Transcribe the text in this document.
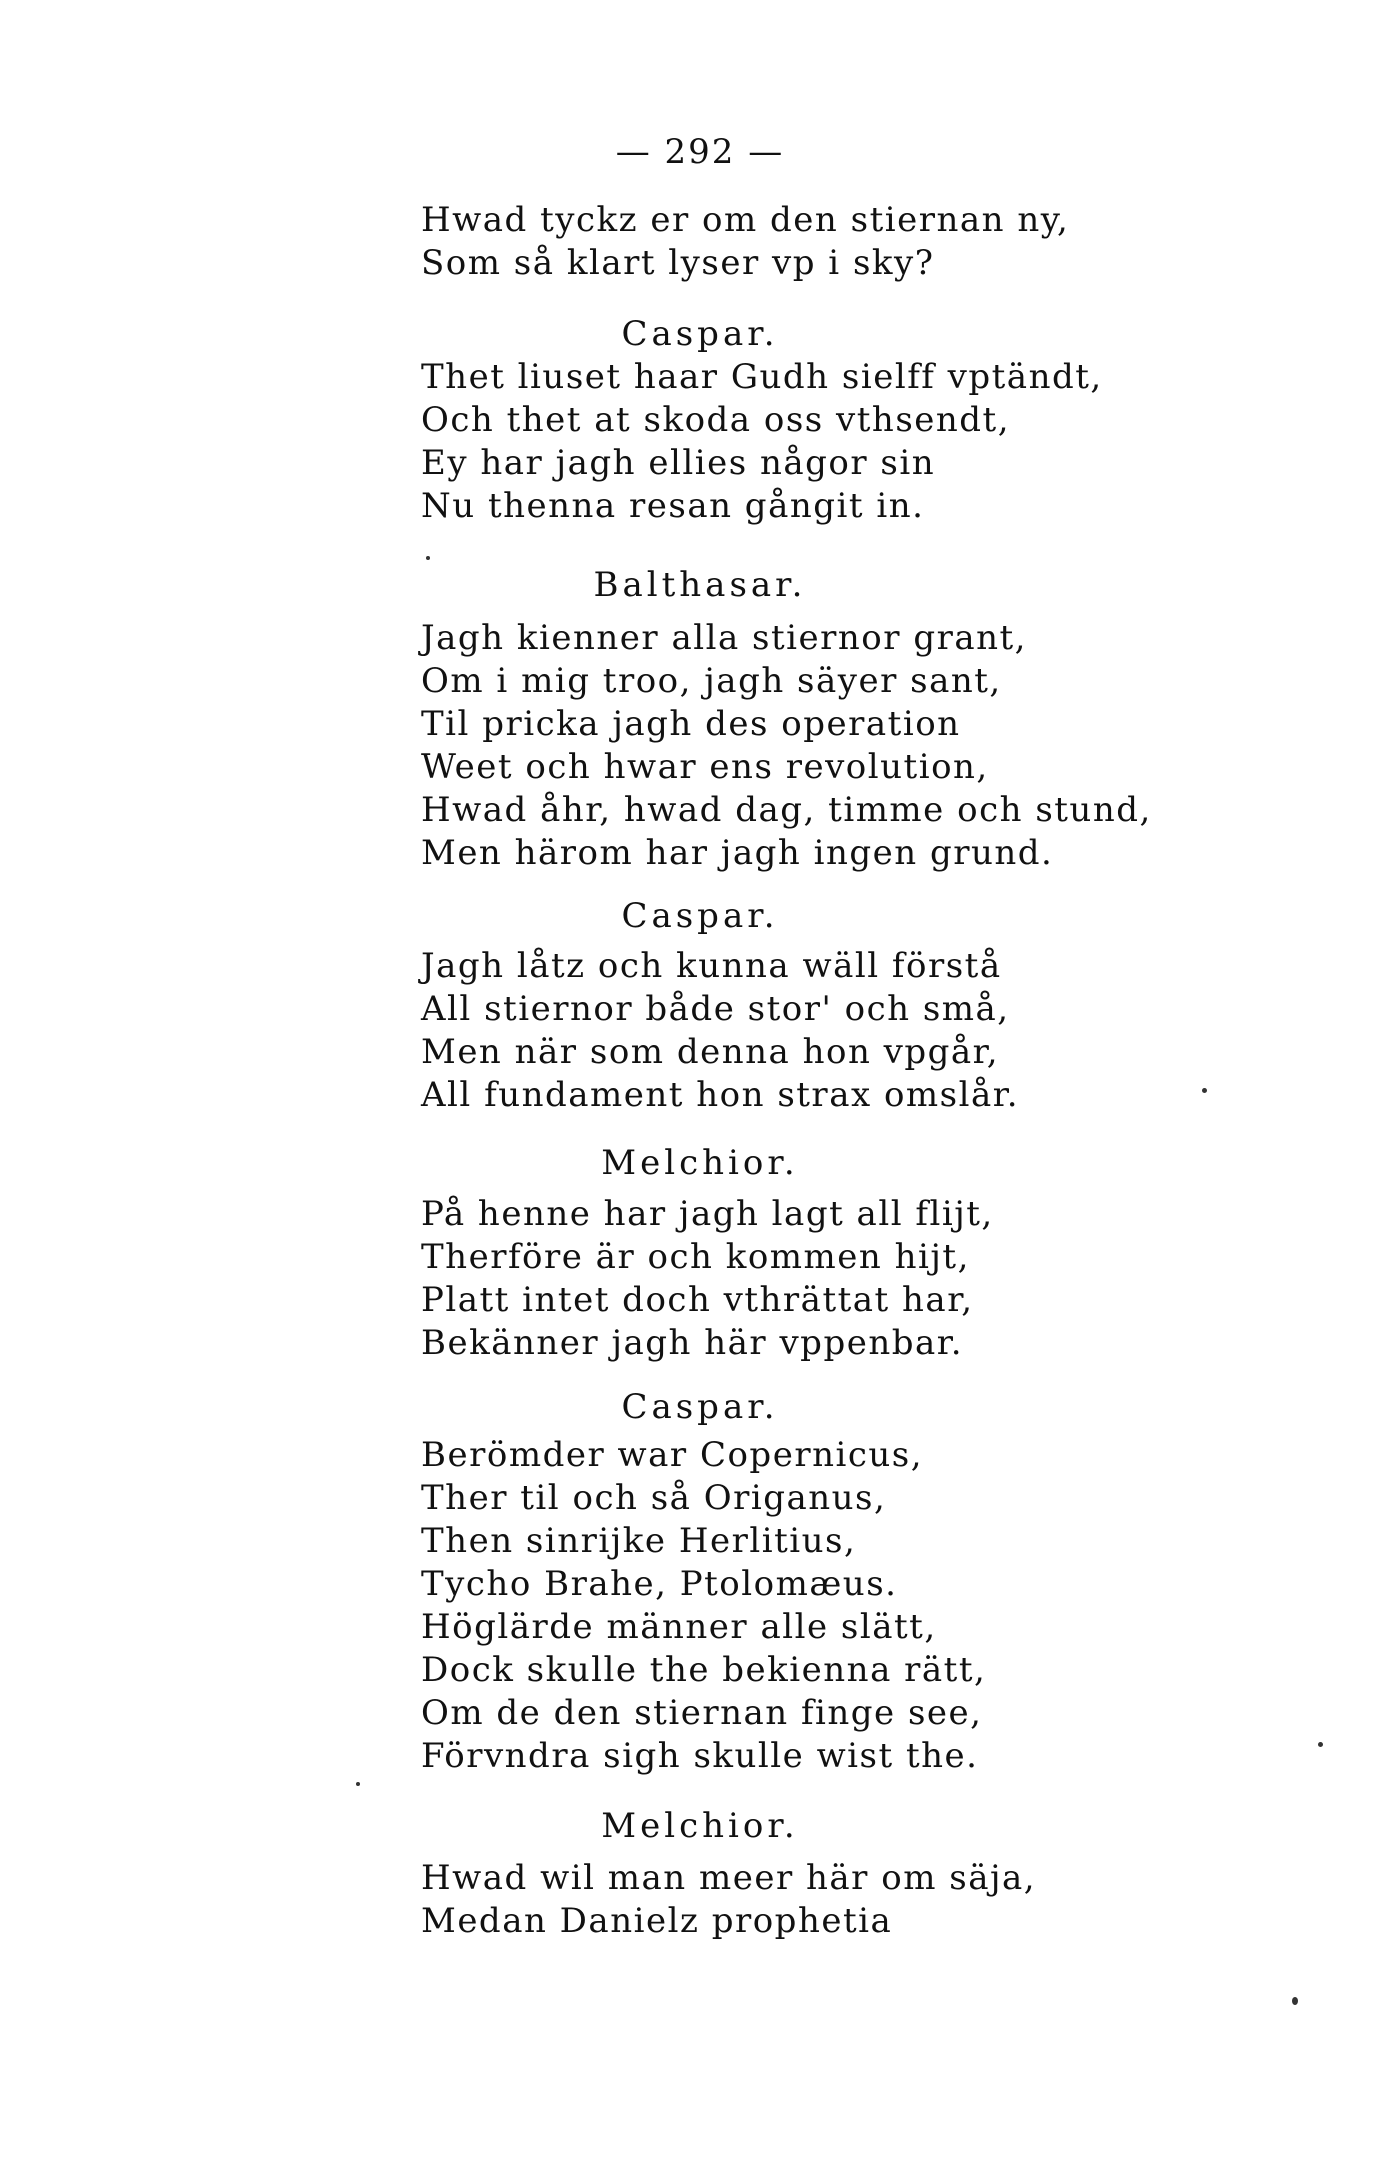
— 292 —
Hwad tyckz er om den stiernan ny,
Som så klart lyser vp i sky?
Caspar.
Thet liuset haar Gudh sielff vptändt,
Och thet at skoda oss vthsendt,
Ey har jagh ellies någor sin
Nu thenna resan gångit in.
Balthasar.
Jagh kienner alla stiernor grant,
Om i mig troo, jagh säyer sant,
Til pricka jagh des operation
Weet och hwar ens revolution,
Hwad åhr, hwad dag, timme och stund,
Men härom har jagh ingen grund.
Caspar.
Jagh låtz och kunna wäll förstå
All stiernor både stor' och små,
Men när som denna hon vpgår,
All fundament hon strax omslår.
Melchior.
På henne har jagh lagt all flijt,
Therföre är och kommen hijt,
Platt intet doch vthrättat har,
Bekänner jagh här vppenbar.
Caspar.
Berömder war Copernicus,
Ther til och så Origanus,
Then sinrijke Herlitius,
Tycho Brahe, Ptolomæus.
Höglärde männer alle slätt,
Dock skulle the bekienna rätt,
Om de den stiernan finge see,
Förvndra sigh skulle wist the.
Melchior.
Hwad wil man meer här om säja,
Medan Danielz prophetia
